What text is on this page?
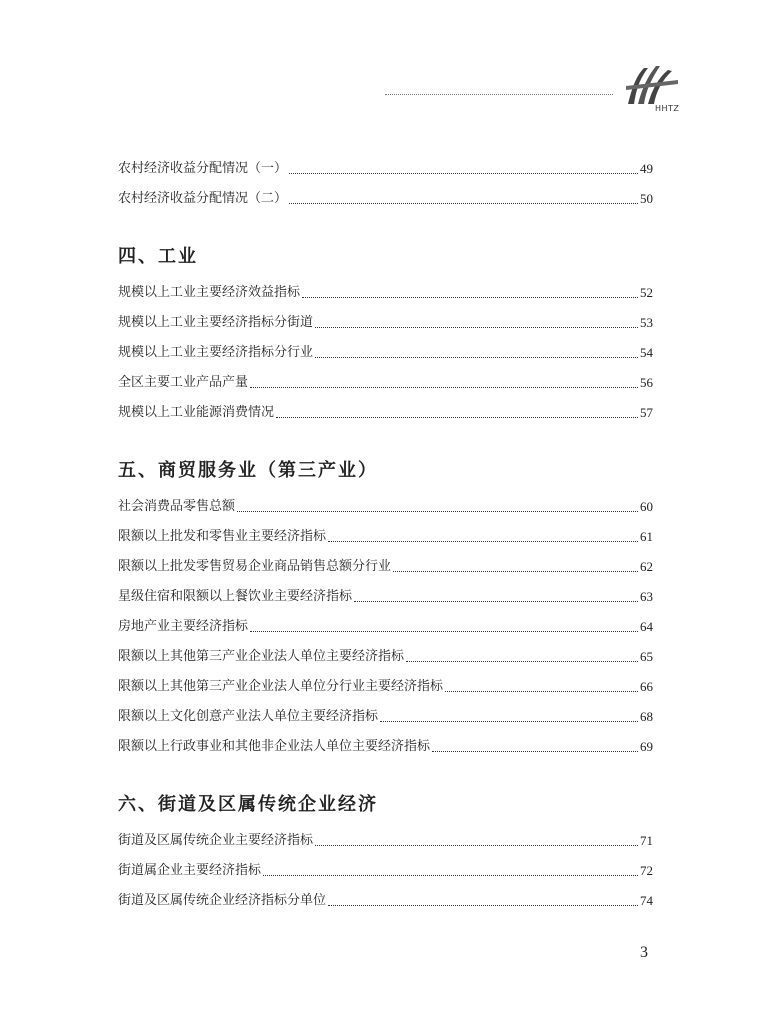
HHTZ
农村经济收益分配情况（一）	49
农村经济收益分配情况（二）	50
四、工业
规模以上工业主要经济效益指标	52
规模以上工业主要经济指标分街道	53
规模以上工业主要经济指标分行业	54
全区主要工业产品产量	56
规模以上工业能源消费情况	57
五、商贸服务业（第三产业）
社会消费品零售总额	60
限额以上批发和零售业主要经济指标	61
限额以上批发零售贸易企业商品销售总额分行业	62
星级住宿和限额以上餐饮业主要经济指标	63
房地产业主要经济指标	64
限额以上其他第三产业企业法人单位主要经济指标	65
限额以上其他第三产业企业法人单位分行业主要经济指标	66
限额以上文化创意产业法人单位主要经济指标	68
限额以上行政事业和其他非企业法人单位主要经济指标	69
六、街道及区属传统企业经济
街道及区属传统企业主要经济指标	71
街道属企业主要经济指标	72
街道及区属传统企业经济指标分单位	74
3
